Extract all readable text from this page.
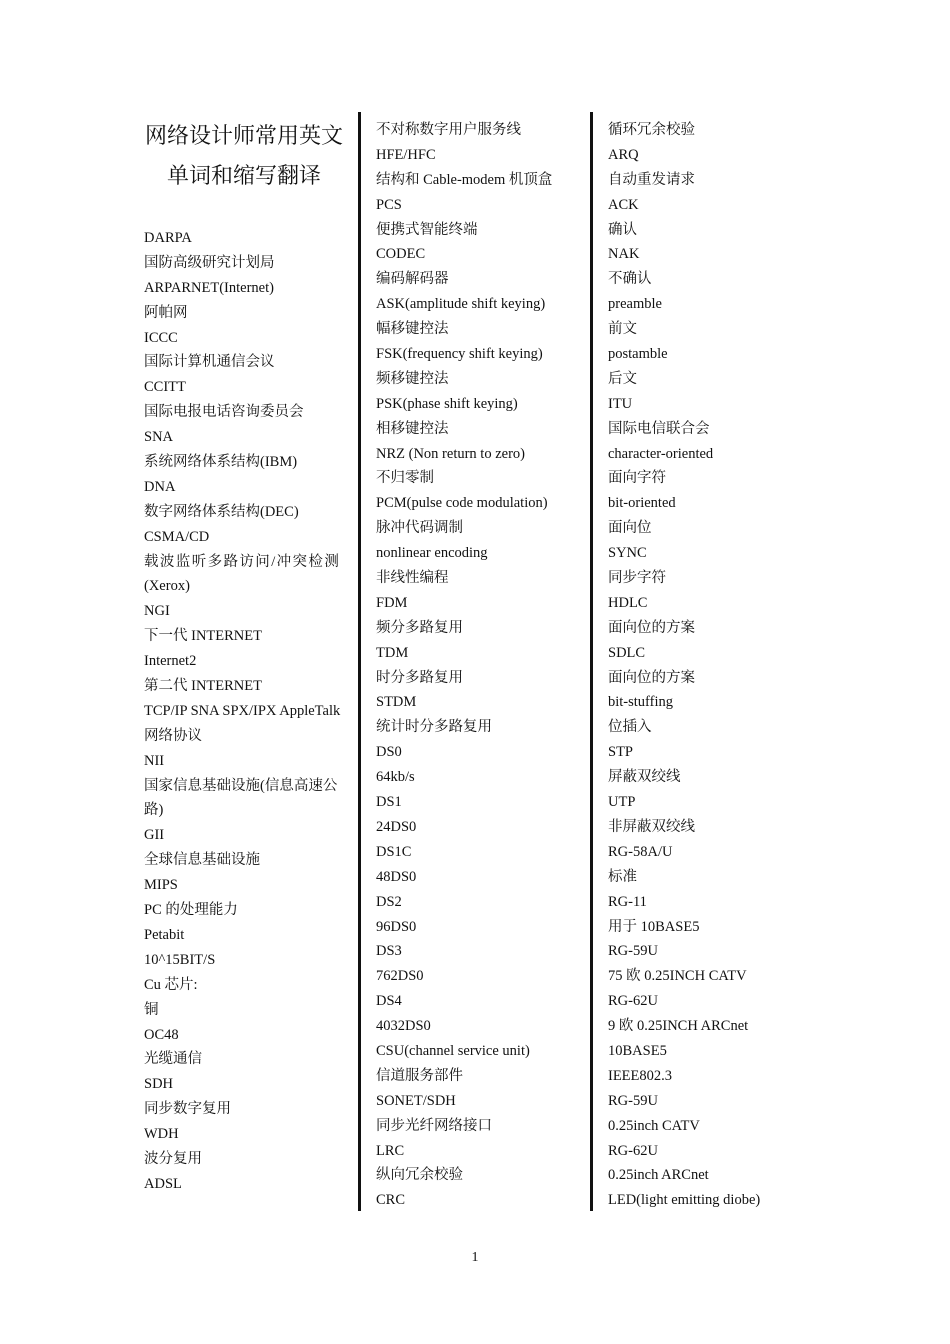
网络设计师常用英文

单词和缩写翻译

DARPA
国防高级研究计划局
ARPARNET(Internet)
阿帕网
ICCC
国际计算机通信会议
CCITT
国际电报电话咨询委员会
SNA
系统网络体系结构(IBM)
DNA
数字网络体系结构(DEC)
CSMA/CD
载波监听多路访问/冲突检测
(Xerox)
NGI
下一代 INTERNET
Internet2
第二代 INTERNET
TCP/IP SNA SPX/IPX AppleTalk
网络协议
NII
国家信息基础设施(信息高速公
路)
GII
全球信息基础设施
MIPS
PC 的处理能力
Petabit
10^15BIT/S
Cu 芯片:
铜
OC48
光缆通信
SDH
同步数字复用
WDH
波分复用
ADSL
不对称数字用户服务线
HFE/HFC
结构和 Cable-modem 机顶盒
PCS
便携式智能终端
CODEC
编码解码器
ASK(amplitude shift keying)
幅移键控法
FSK(frequency shift keying)
频移键控法
PSK(phase shift keying)
相移键控法
NRZ (Non return to zero)
不归零制
PCM(pulse code modulation)
脉冲代码调制
nonlinear encoding
非线性编程
FDM
频分多路复用
TDM
时分多路复用
STDM
统计时分多路复用
DS0
64kb/s
DS1
24DS0
DS1C
48DS0
DS2
96DS0
DS3
762DS0
DS4
4032DS0
CSU(channel service unit)
信道服务部件
SONET/SDH
同步光纤网络接口
LRC
纵向冗余校验
CRC
循环冗余校验
ARQ
自动重发请求
ACK
确认
NAK
不确认
preamble
前文
postamble
后文
ITU
国际电信联合会
character-oriented
面向字符
bit-oriented
面向位
SYNC
同步字符
HDLC
面向位的方案
SDLC
面向位的方案
bit-stuffing
位插入
STP
屏蔽双绞线
UTP
非屏蔽双绞线
RG-58A/U
标准
RG-11
用于 10BASE5
RG-59U
75 欧 0.25INCH CATV
RG-62U
9 欧 0.25INCH ARCnet
10BASE5
IEEE802.3
RG-59U
0.25inch CATV
RG-62U
0.25inch ARCnet
LED(light emitting diobe)
1
